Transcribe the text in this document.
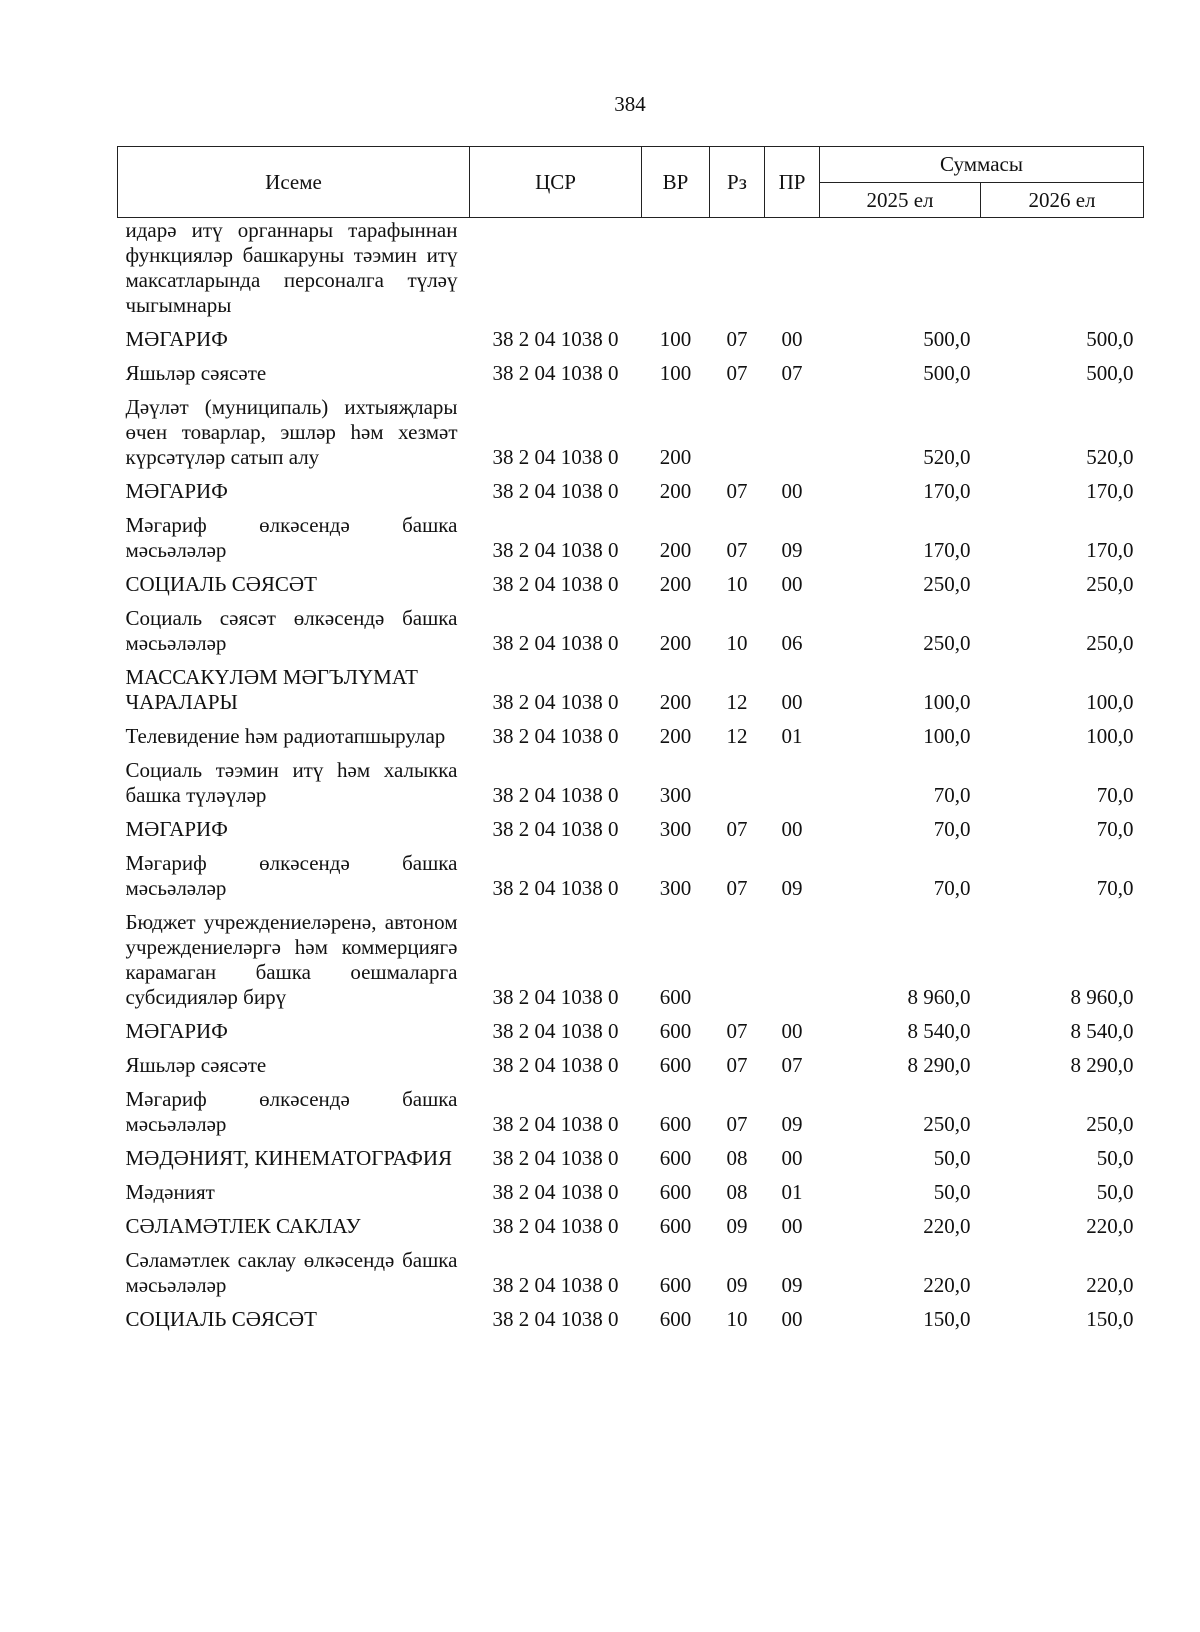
384
Исеме	ЦСР	ВР	Рз	ПР	Суммасы	
					2025 ел	2026 ел
идарә итү органнары тарафыннан функцияләр башкаруны тәэмин итү максатларында персоналга түләү чыгымнары						

МӘГАРИФ	38 2 04 1038 0	100	07	00	500,0	500,0

Яшьләр сәясәте	38 2 04 1038 0	100	07	07	500,0	500,0

Дәүләт (муниципаль) ихтыяҗлары өчен товарлар, эшләр һәм хезмәт күрсәтүләр сатып алу	38 2 04 1038 0	200			520,0	520,0

МӘГАРИФ	38 2 04 1038 0	200	07	00	170,0	170,0

Мәгариф өлкәсендә башка мәсьәләләр	38 2 04 1038 0	200	07	09	170,0	170,0

СОЦИАЛЬ СӘЯСӘТ	38 2 04 1038 0	200	10	00	250,0	250,0

Социаль сәясәт өлкәсендә башка мәсьәләләр	38 2 04 1038 0	200	10	06	250,0	250,0

МАССАКҮЛӘМ МӘГЪЛҮМАТ ЧАРАЛАРЫ	38 2 04 1038 0	200	12	00	100,0	100,0

Телевидение һәм радиотапшырулар	38 2 04 1038 0	200	12	01	100,0	100,0

Социаль тәэмин итү һәм халыкка башка түләүләр	38 2 04 1038 0	300			70,0	70,0

МӘГАРИФ	38 2 04 1038 0	300	07	00	70,0	70,0

Мәгариф өлкәсендә башка мәсьәләләр	38 2 04 1038 0	300	07	09	70,0	70,0

Бюджет учреждениеләренә, автоном учреждениеләргә һәм коммерциягә карамаган башка оешмаларга субсидияләр бирү	38 2 04 1038 0	600			8 960,0	8 960,0

МӘГАРИФ	38 2 04 1038 0	600	07	00	8 540,0	8 540,0

Яшьләр сәясәте	38 2 04 1038 0	600	07	07	8 290,0	8 290,0

Мәгариф өлкәсендә башка мәсьәләләр	38 2 04 1038 0	600	07	09	250,0	250,0

МӘДӘНИЯТ, КИНЕМАТОГРАФИЯ	38 2 04 1038 0	600	08	00	50,0	50,0

Мәдәният	38 2 04 1038 0	600	08	01	50,0	50,0

СӘЛАМӘТЛЕК САКЛАУ	38 2 04 1038 0	600	09	00	220,0	220,0

Сәламәтлек саклау өлкәсендә башка мәсьәләләр	38 2 04 1038 0	600	09	09	220,0	220,0

СОЦИАЛЬ СӘЯСӘТ	38 2 04 1038 0	600	10	00	150,0	150,0
